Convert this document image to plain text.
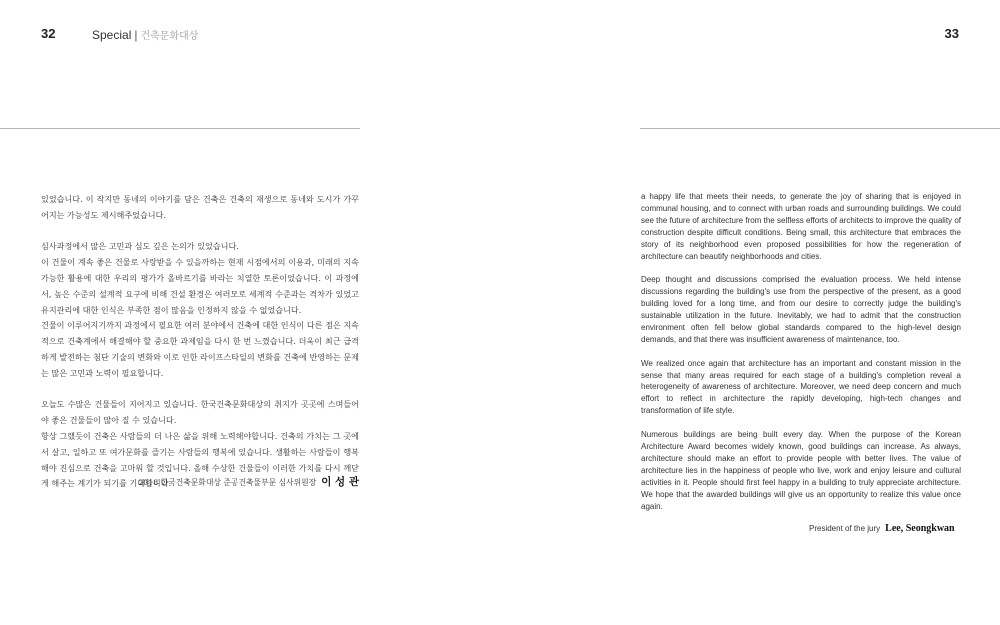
32	Special | 건축문화대상

있었습니다. 이 작지만 동네의 이야기를 담은 건축은 건축의 재생으로 동네와 도시가 가꾸어지는 가능성도 제시해주었습니다.

심사과정에서 많은 고민과 심도 깊은 논의가 있었습니다.
이 건물이 계속 좋은 건물로 사랑받을 수 있을까하는 현재 시점에서의 이용과, 미래의 지속가능한 활용에 대한 우리의 평가가 올바르기를 바라는 치열한 토론이었습니다. 이 과정에서, 높은 수준의 설계적 요구에 비해 건설 환경은 여러모로 세계적 수준과는 격차가 있었고 유지관리에 대한 인식은 부족한 점이 많음을 인정하지 않을 수 없었습니다.
건물이 이루어지기까지 과정에서 필요한 여러 분야에서 건축에 대한 인식이 다른 점은 지속적으로 건축계에서 해결해야 할 중요한 과제임을 다시 한 번 느꼈습니다. 더욱이 최근 급격하게 발전하는 첨단 기술의 변화와 이로 인한 라이프스타일의 변화를 건축에 반영하는 문제는 많은 고민과 노력이 필요합니다.

오늘도 수많은 건물들이 지어지고 있습니다. 한국건축문화대상의 취지가 곳곳에 스며들어야 좋은 건물들이 많아 질 수 있습니다.
항상 그랬듯이 건축은 사람들의 더 나은 삶을 위해 노력해야합니다. 건축의 가치는 그 곳에서 살고, 일하고 또 여가문화를 즐기는 사람들의 행복에 있습니다. 생활하는 사람들이 행복해야 진심으로 건축을 고마워 할 것입니다. 올해 수상한 건물들이 이러한 가치를 다시 깨닫게 해주는 계기가 되기를 기대합니다.

2018 한국건축문화대상 준공건축물부문 심사위원장 이 성 관
33

a happy life that meets their needs, to generate the joy of sharing that is enjoyed in communal housing, and to connect with urban roads and surrounding buildings. We could see the future of architecture from the selfless efforts of architects to improve the quality of construction despite difficult conditions. Being small, this architecture that embraces the story of its neighborhood even proposed possibilities for how the regeneration of architecture can beautify neighborhoods and cities.

Deep thought and discussions comprised the evaluation process. We held intense discussions regarding the building's use from the perspective of the present, as a good building loved for a long time, and from our desire to correctly judge the building's sustainable utilization in the future. Inevitably, we had to admit that the construction environment often fell below global standards compared to the high-level design demands, and that there was insufficient awareness of maintenance, too.

We realized once again that architecture has an important and constant mission in the sense that many areas required for each stage of a building's completion reveal a heterogeneity of awareness of architecture. Moreover, we need deep concern and much effort to reflect in architecture the rapidly developing, high-tech changes and transformation of life style.

Numerous buildings are being built every day. When the purpose of the Korean Architecture Award becomes widely known, good buildings can increase. As always, architecture should make an effort to provide people with better lives. The value of architecture lies in the happiness of people who live, work and enjoy leisure and cultural activities in it. People should first feel happy in a building to truly appreciate architecture. We hope that the awarded buildings will give us an opportunity to realize this value once again.

President of the jury Lee, Seongkwan
